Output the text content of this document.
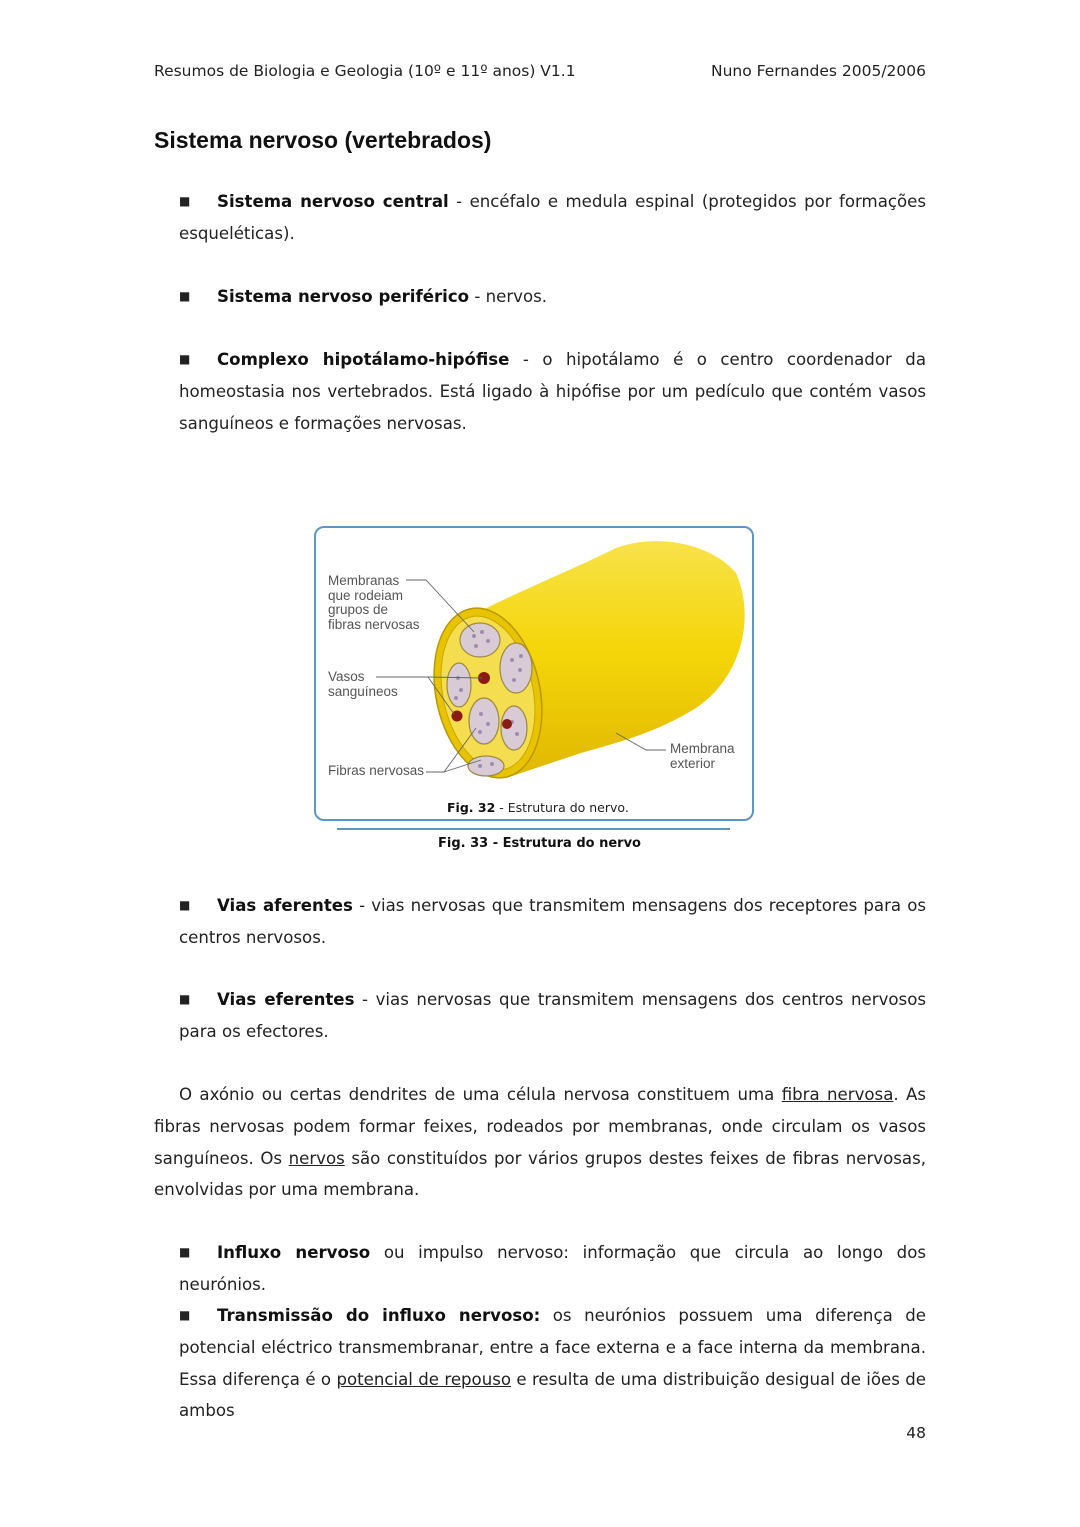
Resumos de Biologia e Geologia (10º e 11º anos) V1.1	Nuno Fernandes 2005/2006
Sistema nervoso (vertebrados)
■ Sistema nervoso central - encéfalo e medula espinal (protegidos por formações esqueléticas).
■ Sistema nervoso periférico - nervos.
■ Complexo hipotálamo-hipófise - o hipotálamo é o centro coordenador da homeostasia nos vertebrados. Está ligado à hipófise por um pedículo que contém vasos sanguíneos e formações nervosas.
Membranas
que rodeiam
grupos de
fibras nervosas
Vasos
sanguíneos
Fibras nervosas
Membrana
exterior
Fig. 32 - Estrutura do nervo.
Fig. 33 - Estrutura do nervo
■ Vias aferentes - vias nervosas que transmitem mensagens dos receptores para os centros nervosos.
■ Vias eferentes - vias nervosas que transmitem mensagens dos centros nervosos para os efectores.
O axónio ou certas dendrites de uma célula nervosa constituem uma fibra nervosa. As fibras nervosas podem formar feixes, rodeados por membranas, onde circulam os vasos sanguíneos. Os nervos são constituídos por vários grupos destes feixes de fibras nervosas, envolvidas por uma membrana.
■ Influxo nervoso ou impulso nervoso: informação que circula ao longo dos neurónios.
■ Transmissão do influxo nervoso: os neurónios possuem uma diferença de potencial eléctrico transmembranar, entre a face externa e a face interna da membrana. Essa diferença é o potencial de repouso e resulta de uma distribuição desigual de iões de ambos
48
